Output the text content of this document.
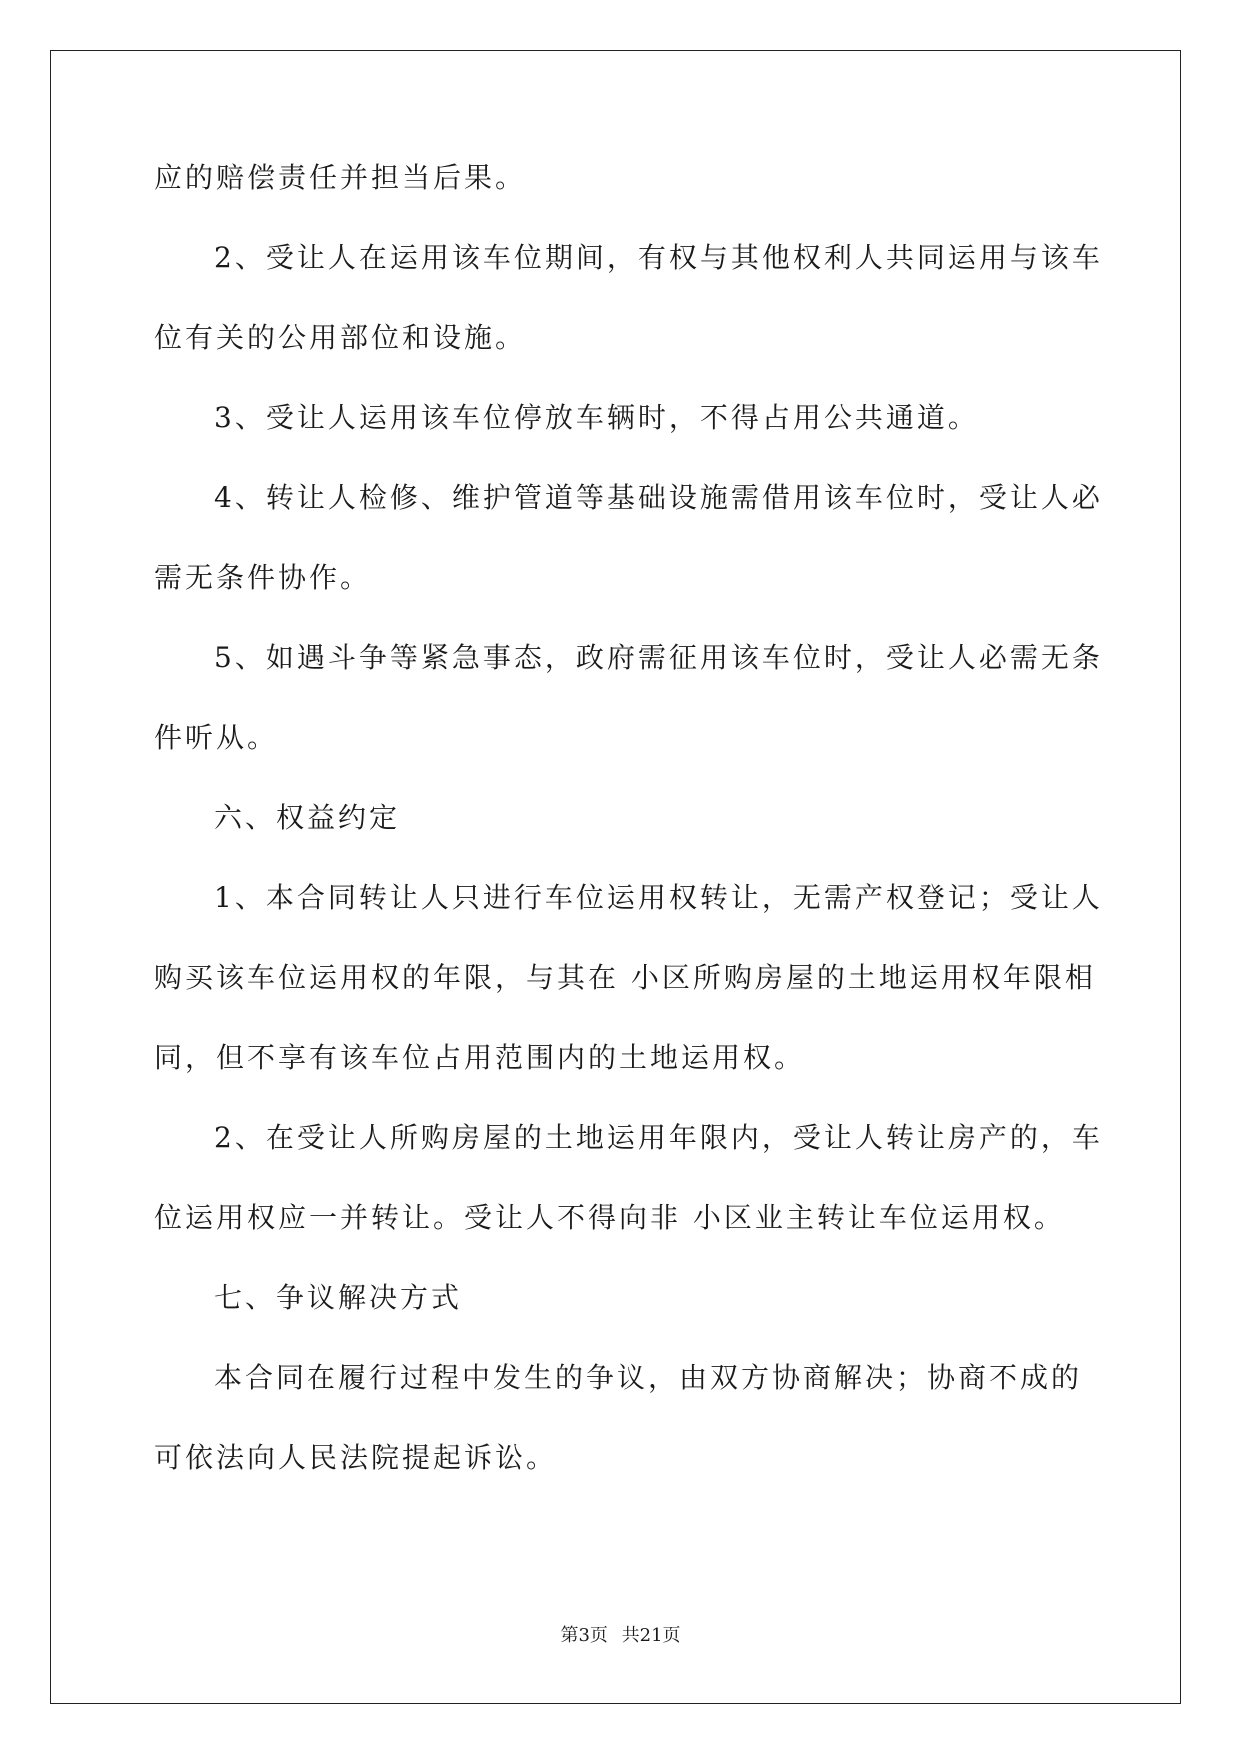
应的赔偿责任并担当后果。
2、受让人在运用该车位期间，有权与其他权利人共同运用与该车
位有关的公用部位和设施。
3、受让人运用该车位停放车辆时，不得占用公共通道。
4、转让人检修、维护管道等基础设施需借用该车位时，受让人必
需无条件协作。
5、如遇斗争等紧急事态，政府需征用该车位时，受让人必需无条
件听从。
六、权益约定
1、本合同转让人只进行车位运用权转让，无需产权登记；受让人
购买该车位运用权的年限，与其在 小区所购房屋的土地运用权年限相
同，但不享有该车位占用范围内的土地运用权。
2、在受让人所购房屋的土地运用年限内，受让人转让房产的，车
位运用权应一并转让。受让人不得向非 小区业主转让车位运用权。
七、争议解决方式
本合同在履行过程中发生的争议，由双方协商解决；协商不成的
可依法向人民法院提起诉讼。
第3页 共21页
